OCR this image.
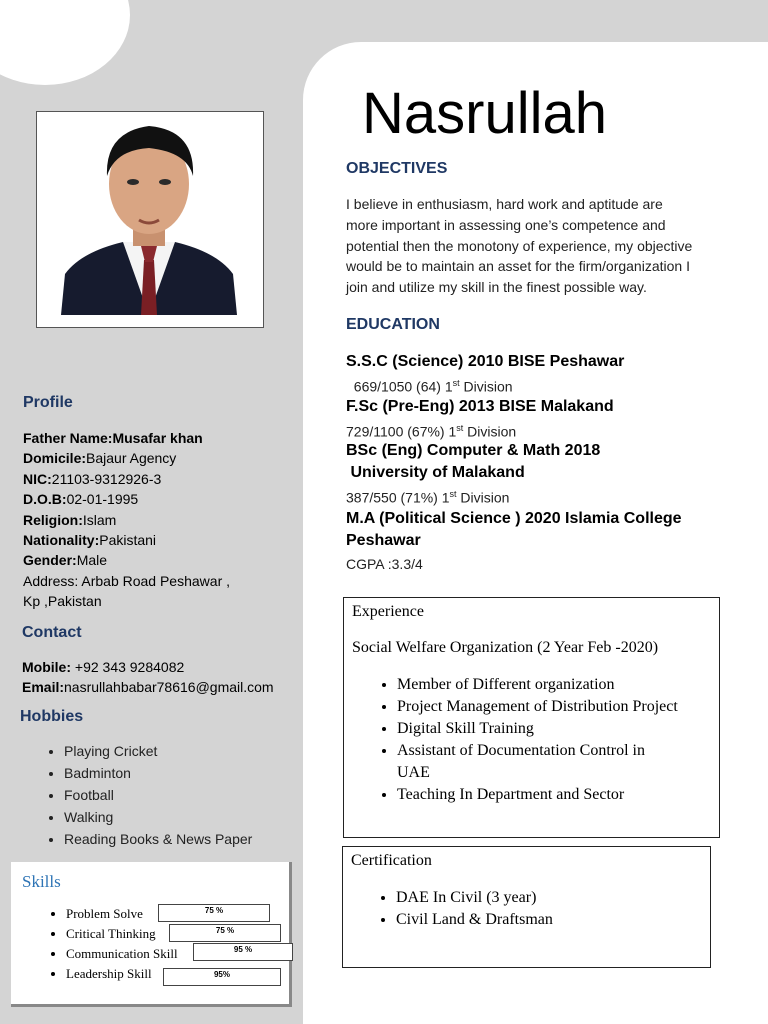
Nasrullah
OBJECTIVES
I believe in enthusiasm, hard work and aptitude are
more important in assessing one’s competence and
potential then the monotony of experience, my objective
would be to maintain an asset for the firm/organization I
join and utilize my skill in the finest possible way.
EDUCATION
S.S.C (Science) 2010 BISE Peshawar
669/1050 (64) 1st Division
F.Sc (Pre-Eng) 2013 BISE Malakand
729/1100 (67%) 1st Division
BSc (Eng) Computer & Math 2018
University of Malakand
387/550 (71%) 1st Division
M.A (Political Science ) 2020 Islamia College
Peshawar
CGPA :3.3/4
Profile
Father Name:Musafar khan
Domicile:Bajaur Agency
NIC:21103-9312926-3
D.O.B:02-01-1995
Religion:Islam
Nationality:Pakistani
Gender:Male
Address: Arbab Road Peshawar ,
Kp ,Pakistan
Contact
Mobile: +92 343 9284082
Email:nasrullahbabar78616@gmail.com
Hobbies
• Playing Cricket
• Badminton
• Football
• Walking
• Reading Books & News Paper
Skills
• Problem Solve
• Critical Thinking
• Communication Skill
• Leadership Skill
75 %
75 %
95 %
95%
Experience
Social Welfare Organization (2 Year Feb -2020)
• Member of Different organization
• Project Management of Distribution Project
• Digital Skill Training
• Assistant of Documentation Control in
UAE
• Teaching In Department and Sector
Certification
• DAE In Civil (3 year)
• Civil Land & Draftsman
